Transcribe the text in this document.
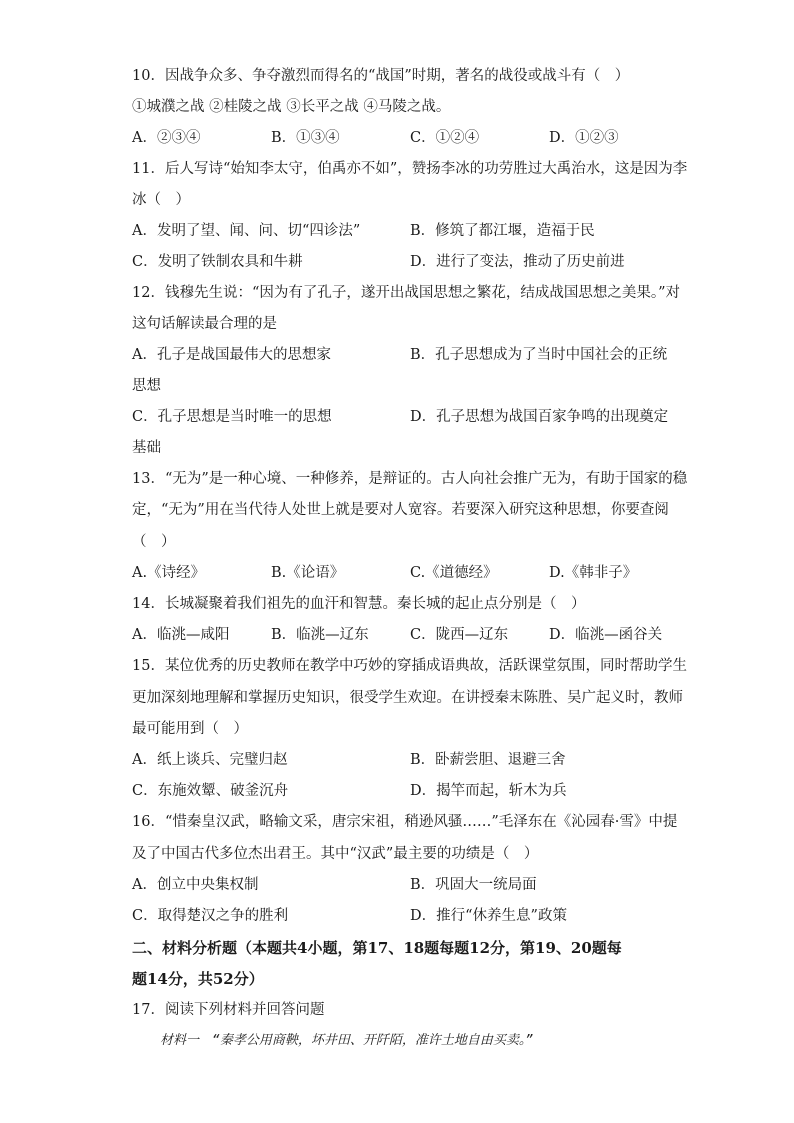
10．因战争众多、争夺激烈而得名的“战国”时期，著名的战役或战斗有（　）
①城濮之战 ②桂陵之战 ③长平之战 ④马陵之战。
A．②③④	B．①③④	C．①②④	D．①②③
11．后人写诗“始知李太守，伯禹亦不如”，赞扬李冰的功劳胜过大禹治水，这是因为李
冰（　）
A．发明了望、闻、问、切“四诊法”	B．修筑了都江堰，造福于民
C．发明了铁制农具和牛耕	D．进行了变法，推动了历史前进
12．钱穆先生说：“因为有了孔子，遂开出战国思想之繁花，结成战国思想之美果。”对
这句话解读最合理的是
A．孔子是战国最伟大的思想家	B．孔子思想成为了当时中国社会的正统
思想
C．孔子思想是当时唯一的思想	D．孔子思想为战国百家争鸣的出现奠定
基础
13．“无为”是一种心境、一种修养，是辩证的。古人向社会推广无为，有助于国家的稳
定，“无为”用在当代待人处世上就是要对人宽容。若要深入研究这种思想，你要查阅
（　）
A.《诗经》	B.《论语》	C.《道德经》	D.《韩非子》
14．长城凝聚着我们祖先的血汗和智慧。秦长城的起止点分别是（　）
A．临洮—咸阳	B．临洮—辽东	C．陇西—辽东	D．临洮—函谷关
15．某位优秀的历史教师在教学中巧妙的穿插成语典故，活跃课堂氛围，同时帮助学生
更加深刻地理解和掌握历史知识，很受学生欢迎。在讲授秦末陈胜、吴广起义时，教师
最可能用到（　）
A．纸上谈兵、完璧归赵	B．卧薪尝胆、退避三舍
C．东施效颦、破釜沉舟	D．揭竿而起，斩木为兵
16．“惜秦皇汉武，略输文采，唐宗宋祖，稍逊风骚……”毛泽东在《沁园春·雪》中提
及了中国古代多位杰出君王。其中“汉武”最主要的功绩是（　）
A．创立中央集权制	B．巩固大一统局面
C．取得楚汉之争的胜利	D．推行“休养生息”政策
二、材料分析题（本题共4小题，第17、18题每题12分，第19、20题每
题14分，共52分）
17．阅读下列材料并回答问题
材料一　“秦孝公用商鞅，坏井田、开阡陌，准许土地自由买卖。”
